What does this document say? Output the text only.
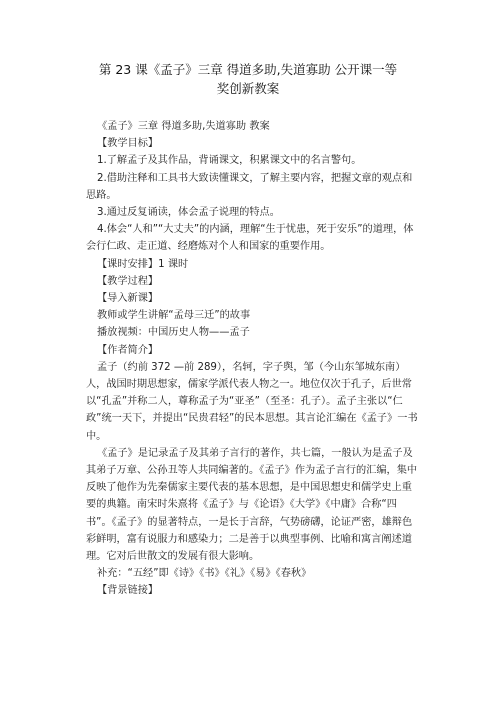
第 23 课《孟子》三章 得道多助,失道寡助 公开课一等
奖创新教案

《孟子》三章 得道多助,失道寡助 教案

【教学目标】

1.了解孟子及其作品，背诵课文，积累课文中的名言警句。

2.借助注释和工具书大致读懂课文，了解主要内容，把握文章的观点和思路。

3.通过反复诵读，体会孟子说理的特点。

4.体会“人和”“大丈夫”的内涵，理解“生于忧患，死于安乐”的道理，体会行仁政、走正道、经磨炼对个人和国家的重要作用。

【课时安排】1 课时

【教学过程】

【导入新课】

教师或学生讲解“孟母三迁”的故事

播放视频：中国历史人物——孟子

【作者简介】

孟子（约前 372 —前 289），名轲，字子舆，邹（今山东邹城东南）人，战国时期思想家，儒家学派代表人物之一。地位仅次于孔子，后世常以“孔孟”并称二人，尊称孟子为“亚圣”（至圣：孔子）。孟子主张以“仁政”统一天下，并提出“民贵君轻”的民本思想。其言论汇编在《孟子》一书中。

《孟子》是记录孟子及其弟子言行的著作，共七篇，一般认为是孟子及其弟子万章、公孙丑等人共同编著的。《孟子》作为孟子言行的汇编，集中反映了他作为先秦儒家主要代表的基本思想，是中国思想史和儒学史上重要的典籍。南宋时朱熹将《孟子》与《论语》《大学》《中庸》合称“四书”。《孟子》的显著特点，一是长于言辞，气势磅礴，论证严密，雄辩色彩鲜明，富有说服力和感染力；二是善于以典型事例、比喻和寓言阐述道理。它对后世散文的发展有很大影响。

补充：“五经”即《诗》《书》《礼》《易》《春秋》

【背景链接】
